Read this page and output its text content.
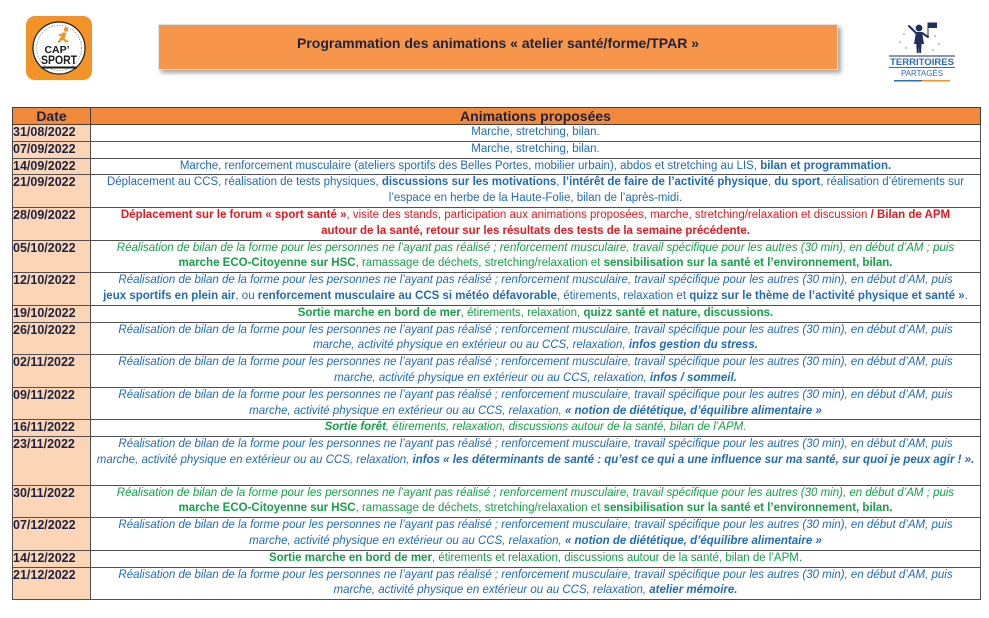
CAP’
SPORT
Programmation des animations « atelier santé/forme/TPAR »
TERRITOIRES
PARTAGÉS
Date	Animations proposées
31/08/2022	Marche, stretching, bilan.

07/09/2022	Marche, stretching, bilan.

14/09/2022	Marche, renforcement musculaire (ateliers sportifs des Belles Portes, mobilier urbain), abdos et stretching au LIS, bilan et programmation.

21/09/2022	Déplacement au CCS, réalisation de tests physiques, discussions sur les motivations, l’intérêt de faire de l’activité physique, du sport, réalisation d’étirements sur
l’espace en herbe de la Haute-Folie, bilan de l’après-midi.

28/09/2022	Déplacement sur le forum « sport santé », visite des stands, participation aux animations proposées, marche, stretching/relaxation et discussion / Bilan de APM
autour de la santé, retour sur les résultats des tests de la semaine précédente.

05/10/2022	Réalisation de bilan de la forme pour les personnes ne l’ayant pas réalisé ; renforcement musculaire, travail spécifique pour les autres (30 min), en début d’AM ; puis
marche ECO-Citoyenne sur HSC, ramassage de déchets, stretching/relaxation et sensibilisation sur la santé et l’environnement, bilan.

12/10/2022	Réalisation de bilan de la forme pour les personnes ne l’ayant pas réalisé ; renforcement musculaire, travail spécifique pour les autres (30 min), en début d’AM, puis
jeux sportifs en plein air, ou renforcement musculaire au CCS si météo défavorable, étirements, relaxation et quizz sur le thème de l’activité physique et santé ».

19/10/2022	Sortie marche en bord de mer, étirements, relaxation, quizz santé et nature, discussions.

26/10/2022	Réalisation de bilan de la forme pour les personnes ne l’ayant pas réalisé ; renforcement musculaire, travail spécifique pour les autres (30 min), en début d’AM, puis
marche, activité physique en extérieur ou au CCS, relaxation, infos gestion du stress.

02/11/2022	Réalisation de bilan de la forme pour les personnes ne l’ayant pas réalisé ; renforcement musculaire, travail spécifique pour les autres (30 min), en début d’AM, puis
marche, activité physique en extérieur ou au CCS, relaxation, infos / sommeil.

09/11/2022	Réalisation de bilan de la forme pour les personnes ne l’ayant pas réalisé ; renforcement musculaire, travail spécifique pour les autres (30 min), en début d’AM, puis
marche, activité physique en extérieur ou au CCS, relaxation, « notion de diététique, d’équilibre alimentaire »

16/11/2022	Sortie forêt, étirements, relaxation, discussions autour de la santé, bilan de l’APM.

23/11/2022	Réalisation de bilan de la forme pour les personnes ne l’ayant pas réalisé ; renforcement musculaire, travail spécifique pour les autres (30 min), en début d’AM, puis
marche, activité physique en extérieur ou au CCS, relaxation, infos « les déterminants de santé : qu’est ce qui a une influence sur ma santé, sur quoi je peux agir ! ».

30/11/2022	Réalisation de bilan de la forme pour les personnes ne l’ayant pas réalisé ; renforcement musculaire, travail spécifique pour les autres (30 min), en début d’AM ; puis
marche ECO-Citoyenne sur HSC, ramassage de déchets, stretching/relaxation et sensibilisation sur la santé et l’environnement, bilan.

07/12/2022	Réalisation de bilan de la forme pour les personnes ne l’ayant pas réalisé ; renforcement musculaire, travail spécifique pour les autres (30 min), en début d’AM, puis
marche, activité physique en extérieur ou au CCS, relaxation, « notion de diététique, d’équilibre alimentaire »

14/12/2022	Sortie marche en bord de mer, étirements et relaxation, discussions autour de la santé, bilan de l’APM.

21/12/2022	Réalisation de bilan de la forme pour les personnes ne l’ayant pas réalisé ; renforcement musculaire, travail spécifique pour les autres (30 min), en début d’AM, puis
marche, activité physique en extérieur ou au CCS, relaxation, atelier mémoire.
